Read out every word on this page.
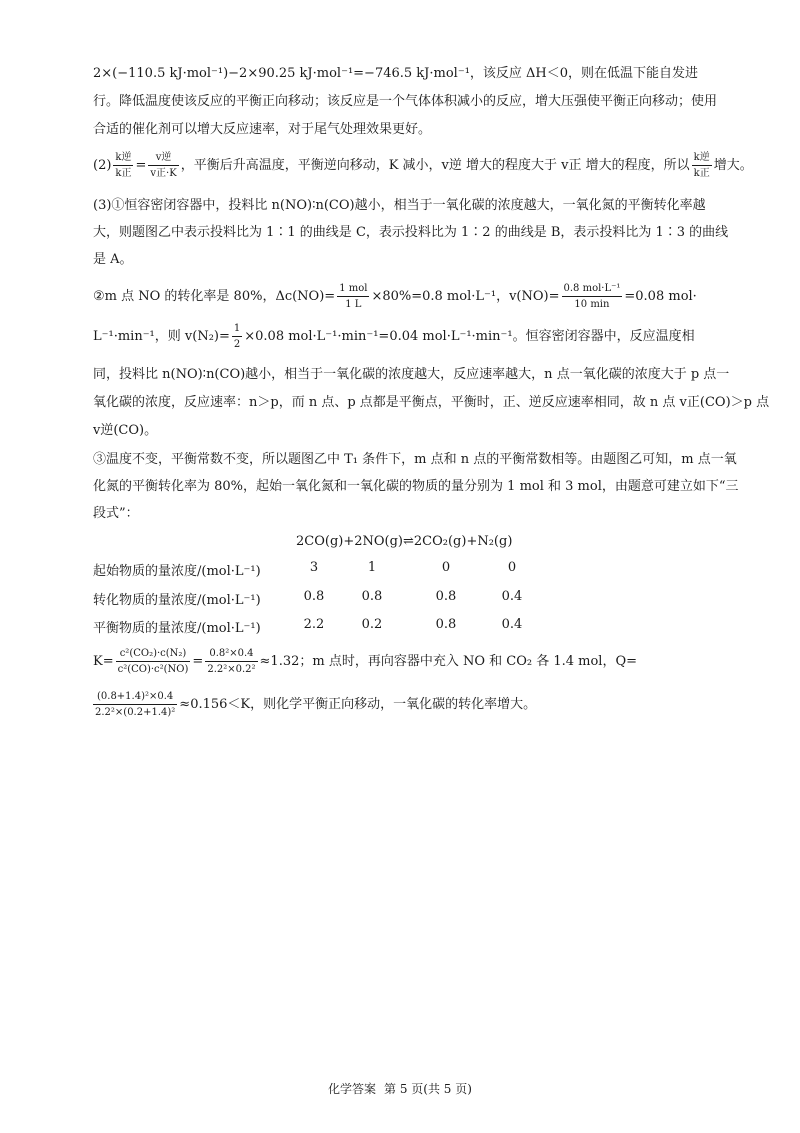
2×(−110.5 kJ·mol⁻¹)−2×90.25 kJ·mol⁻¹=−746.5 kJ·mol⁻¹，该反应 ΔH＜0，则在低温下能自发进
行。降低温度使该反应的平衡正向移动；该反应是一个气体体积减小的反应，增大压强使平衡正向移动；使用
合适的催化剂可以增大反应速率，对于尾气处理效果更好。
$(2) \frac{\text{k逆}}{\text{k正}} = \frac{\text{v逆}}{\text{v正·K}}$ ，平衡后升高温度，平衡逆向移动，K 减小，v逆 增大的程度大于 v正 增大的程度，所以 $\frac{\text{k逆}}{\text{k正}}$ 增大。
(3)①恒容密闭容器中，投料比 n(NO)∶n(CO)越小，相当于一氧化碳的浓度越大，一氧化氮的平衡转化率越
大，则题图乙中表示投料比为 1∶1 的曲线是 C，表示投料比为 1∶2 的曲线是 B，表示投料比为 1∶3 的曲线
是 A。
②m 点 NO 的转化率是 80%，$\Delta c(NO)= \frac{\text{1 mol}}{1 L} \times 80\%=0.8$ mol·L⁻¹，$v(NO)= \frac{\text{0.8 mol·L⁻¹}}{10 \min} =0.08$ mol·
L⁻¹·min⁻¹，则 $v(N_2)= \frac{1}{2} \times 0.08$ mol·L⁻¹·min⁻¹=0.04 mol·L⁻¹·min⁻¹。恒容密闭容器中，反应温度相
同，投料比 n(NO)∶n(CO)越小，相当于一氧化碳的浓度越大，反应速率越大，n 点一氧化碳的浓度大于 p 点一
氧化碳的浓度，反应速率：n＞p，而 n 点、p 点都是平衡点，平衡时，正、逆反应速率相同，故 n 点 v正(CO)＞p 点
v逆(CO)。
③温度不变，平衡常数不变，所以题图乙中 T₁ 条件下，m 点和 n 点的平衡常数相等。由题图乙可知，m 点一氧
化氮的平衡转化率为 80%，起始一氧化氮和一氧化碳的物质的量分别为 1 mol 和 3 mol，由题意可建立如下“三
段式”：
2CO(g)+2NO(g)⇌2CO₂(g)+N₂(g)
起始物质的量浓度/(mol·L⁻¹)	3	1	0	0
转化物质的量浓度/(mol·L⁻¹)	0.8	0.8	0.8	0.4
平衡物质的量浓度/(mol·L⁻¹)	2.2	0.2	0.8	0.4
$K= \frac{\text{c²(CO₂)·c(N₂)}}{\text{c²(CO)·c²(NO)}} = \frac{\text{0.8²×0.4}}{\text{2.2²×0.2²}} \approx 1.32$；m 点时，再向容器中充入 NO 和 CO₂ 各 1.4 mol，Q=
$\frac{\text{(0.8+1.4)²×0.4}}{\text{2.2²×(0.2+1.4)²}} \approx 0.156<K$，则化学平衡正向移动，一氧化碳的转化率增大。
化学答案 第 5 页(共 5 页)
